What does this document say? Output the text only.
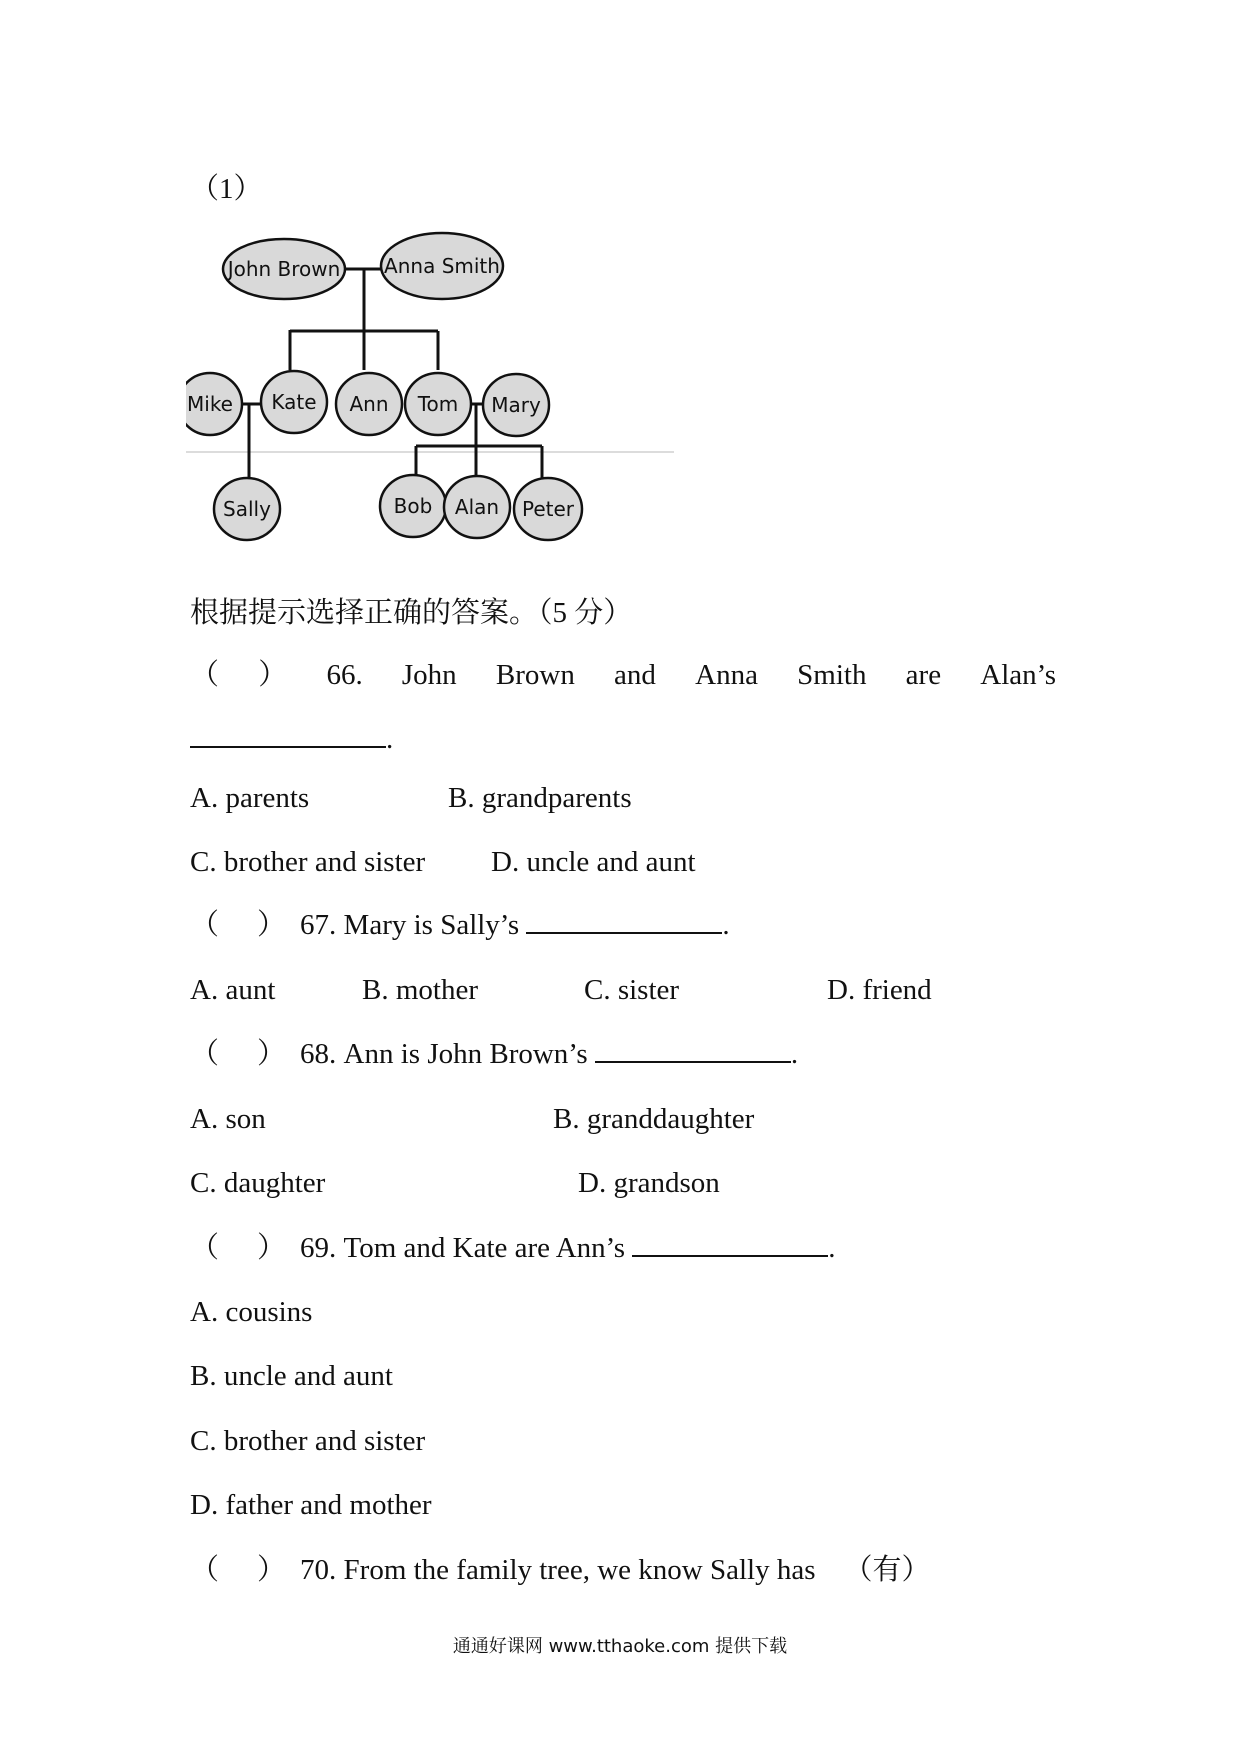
（1）
John Brown Anna Smith
Mike Kate Ann Tom Mary
Sally	Bob Alan Peter
根据提示选择正确的答案。（5 分）
（ ） 66. John Brown and Anna Smith are Alan’s
.
A. parents	B. grandparents
C. brother and sister D. uncle and aunt
（ ） 67. Mary is Sally’s	.
A. aunt	B. mother	C. sister	D. friend
（ ） 68. Ann is John Brown’s	.
A. son	B. granddaughter
C. daughter	D. grandson
（ ） 69. Tom and Kate are Ann’s	.
A. cousins
B. uncle and aunt
C. brother and sister
D. father and mother
（ ） 70. From the family tree, we know Sally has （有）
通通好课网 www.tthaoke.com 提供下载
